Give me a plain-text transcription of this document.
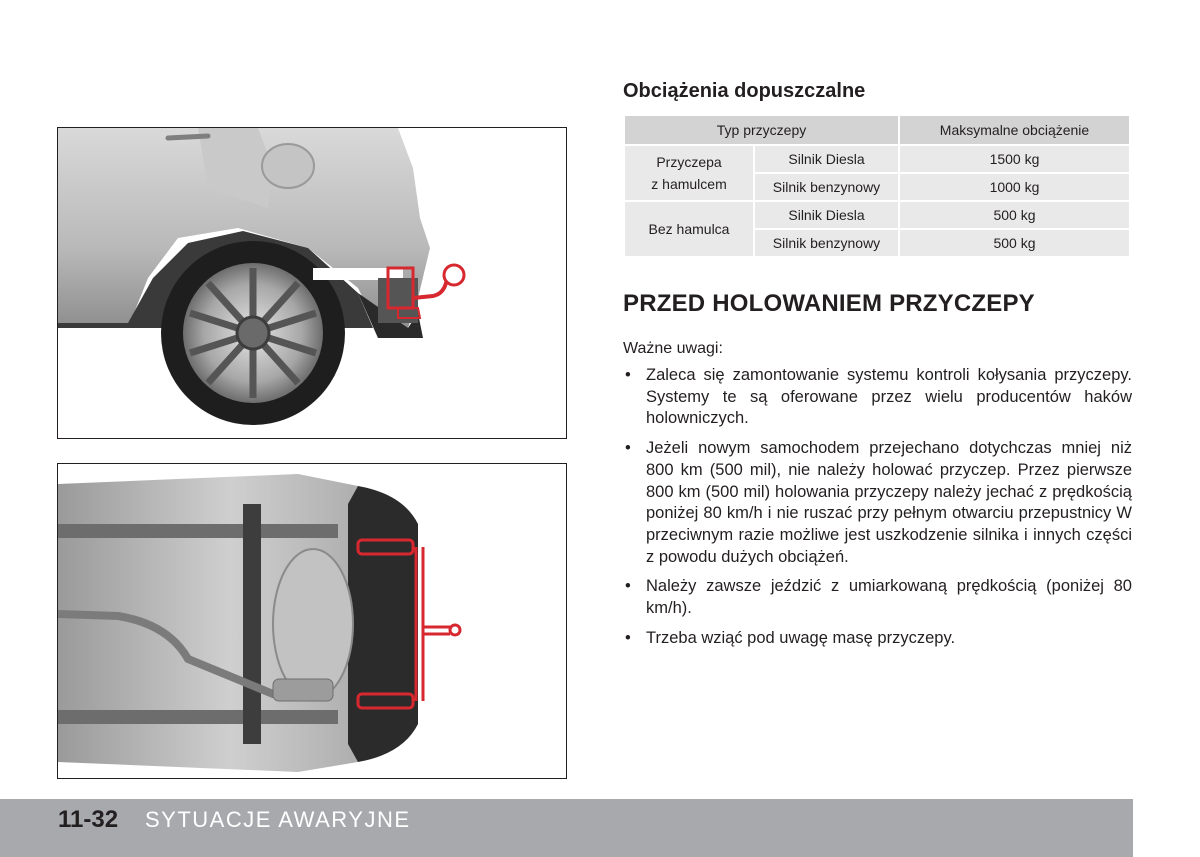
Obciążenia dopuszczalne
Typ przyczepy		Maksymalne obciążenie
Przyczepa
z hamulcem	Silnik Diesla	1500 kg
	Silnik benzynowy	1000 kg
Bez hamulca	Silnik Diesla	500 kg
	Silnik benzynowy	500 kg
PRZED HOLOWANIEM PRZYCZEPY

Ważne uwagi:

• Zaleca się zamontowanie systemu kontroli kołysania przyczepy. Systemy te są oferowane przez wielu producentów haków holowniczych.
• Jeżeli nowym samochodem przejechano dotychczas mniej niż 800 km (500 mil), nie należy holować przyczep. Przez pierwsze 800 km (500 mil) holowania przyczepy należy jechać z prędkością poniżej 80 km/h i nie ruszać przy pełnym otwarciu przepustnicy W przeciwnym razie możliwe jest uszkodzenie silnika i innych części z powodu dużych obciążeń.
• Należy zawsze jeździć z umiarkowaną prędkością (poniżej 80 km/h).
• Trzeba wziąć pod uwagę masę przyczepy.
11-32 SYTUACJE AWARYJNE
